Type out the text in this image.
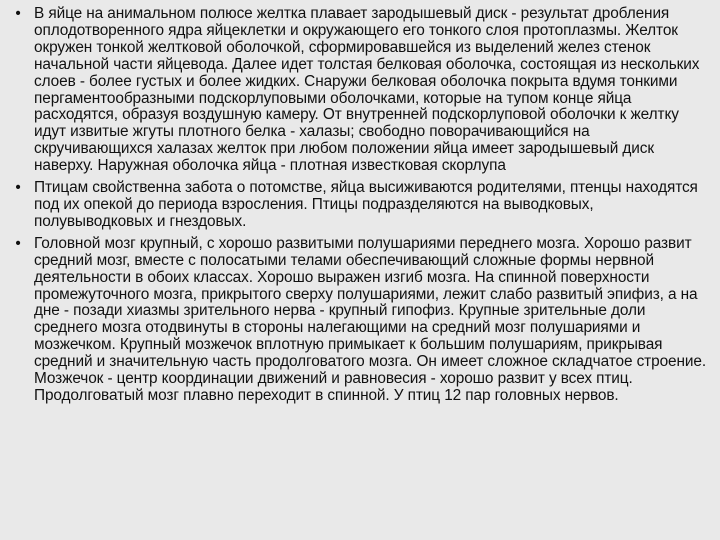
• В яйце на анимальном полюсе желтка плавает зародышевый диск - результат дробления оплодотворенного ядра яйцеклетки и окружающего его тонкого слоя протоплазмы. Желток окружен тонкой желтковой оболочкой, сформировавшейся из выделений желез стенок начальной части яйцевода. Далее идет толстая белковая оболочка, состоящая из нескольких слоев - более густых и более жидких. Снаружи белковая оболочка покрыта вдумя тонкими пергаментообразными подскорлуповыми оболочками, которые на тупом конце яйца расходятся, образуя воздушную камеру. От внутренней подскорлуповой оболочки к желтку идут извитые жгуты плотного белка - халазы; свободно поворачивающийся на скручивающихся халазах желток при любом положении яйца имеет зародышевый диск наверху. Наружная оболочка яйца - плотная известковая скорлупа
• Птицам свойственна забота о потомстве, яйца высиживаются родителями, птенцы находятся под их опекой до периода взросления. Птицы подразделяются на выводковых, полувыводковых и гнездовых.
• Головной мозг крупный, с хорошо развитыми полушариями переднего мозга. Хорошо развит средний мозг, вместе с полосатыми телами обеспечивающий сложные формы нервной деятельности в обоих классах. Хорошо выражен изгиб мозга. На спинной поверхности промежуточного мозга, прикрытого сверху полушариями, лежит слабо развитый эпифиз, а на дне - позади хиазмы зрительного нерва - крупный гипофиз. Крупные зрительные доли среднего мозга отодвинуты в стороны налегающими на средний мозг полушариями и мозжечком. Крупный мозжечок вплотную примыкает к большим полушариям, прикрывая средний и значительную часть продолговатого мозга. Он имеет сложное складчатое строение. Мозжечок - центр координации движений и равновесия - хорошо развит у всех птиц. Продолговатый мозг плавно переходит в спинной. У птиц 12 пар головных нервов.
